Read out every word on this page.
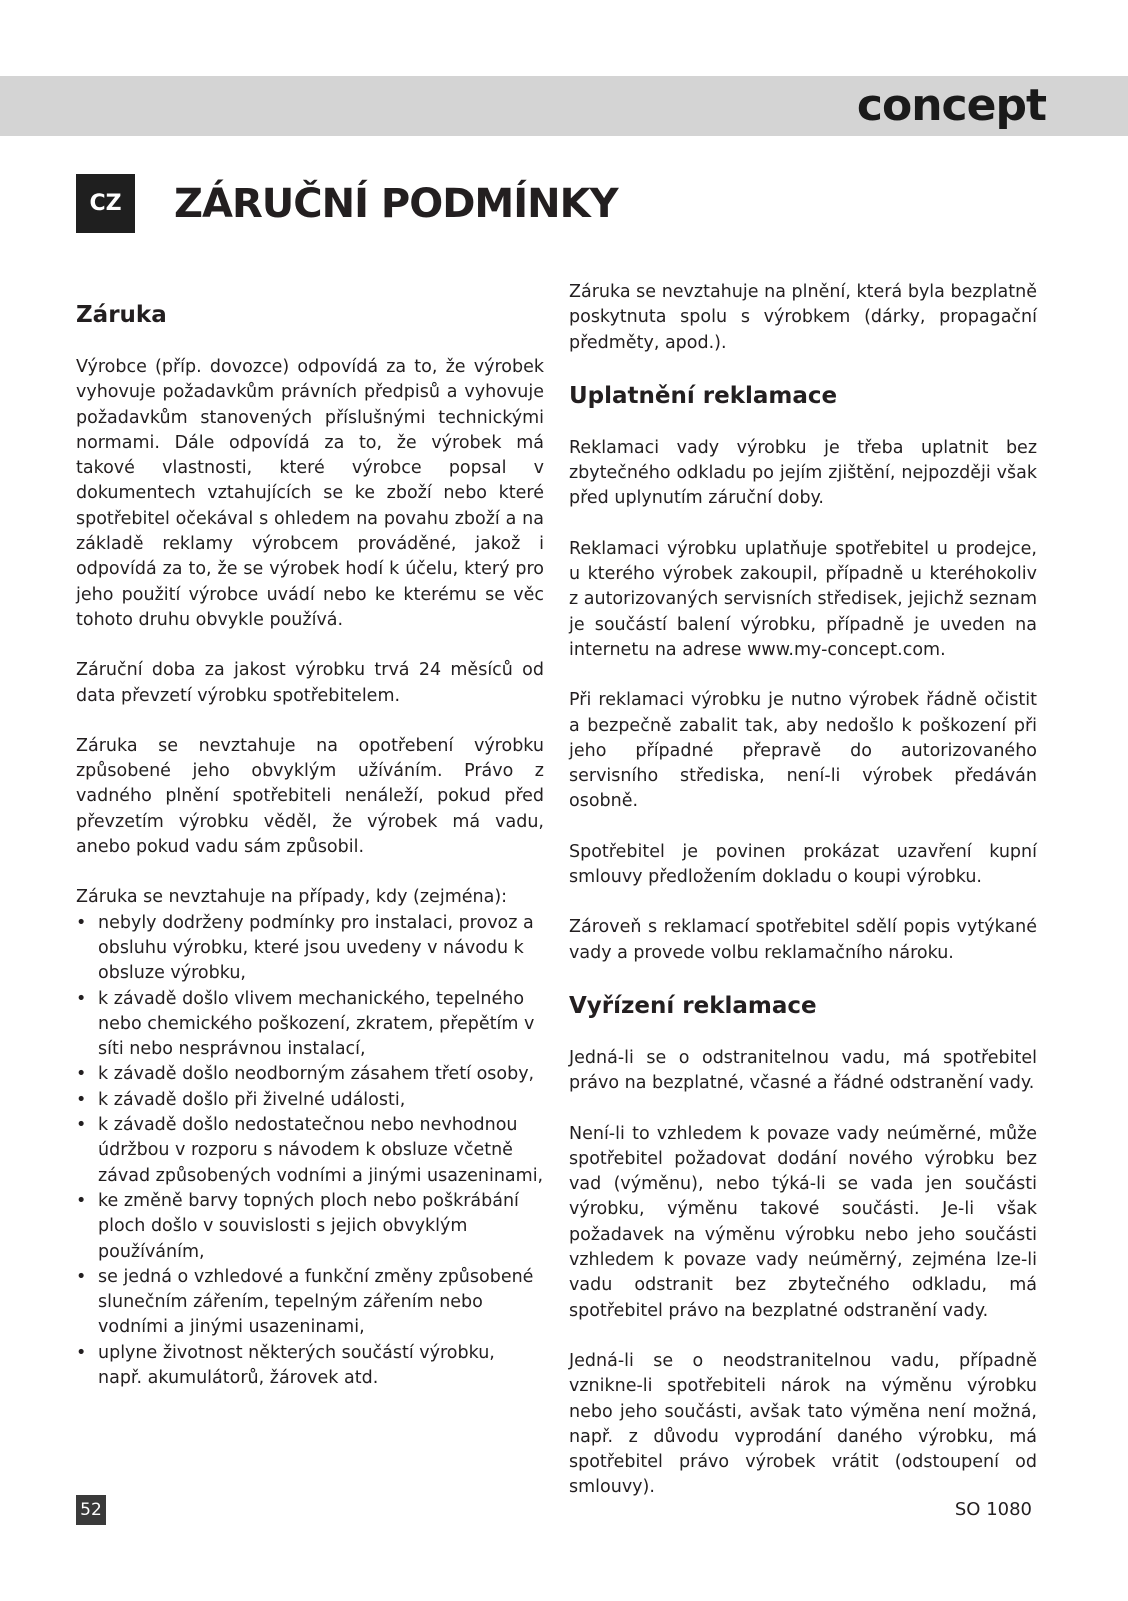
concept
CZ	ZÁRUČNÍ PODMÍNKY
Záruka

Výrobce (příp. dovozce) odpovídá za to, že výrobek vyhovuje požadavkům právních předpisů a vyhovuje požadavkům stanovených příslušnými technickými normami. Dále odpovídá za to, že výrobek má takové vlastnosti, které výrobce popsal v dokumentech vztahujících se ke zboží nebo které spotřebitel očekával s ohledem na povahu zboží a na základě reklamy výrobcem prováděné, jakož i odpovídá za to, že se výrobek hodí k účelu, který pro jeho použití výrobce uvádí nebo ke kterému se věc tohoto druhu obvykle používá.

Záruční doba za jakost výrobku trvá 24 měsíců od data převzetí výrobku spotřebitelem.

Záruka se nevztahuje na opotřebení výrobku způsobené jeho obvyklým užíváním. Právo z vadného plnění spotřebiteli nenáleží, pokud před převzetím výrobku věděl, že výrobek má vadu, anebo pokud vadu sám způsobil.

Záruka se nevztahuje na případy, kdy (zejména):

• nebyly dodrženy podmínky pro instalaci, provoz a obsluhu výrobku, které jsou uvedeny v návodu k obsluze výrobku,
• k závadě došlo vlivem mechanického, tepelného nebo chemického poškození, zkratem, přepětím v síti nebo nesprávnou instalací,
• k závadě došlo neodborným zásahem třetí osoby,
• k závadě došlo při živelné události,
• k závadě došlo nedostatečnou nebo nevhodnou údržbou v rozporu s návodem k obsluze včetně závad způsobených vodními a jinými usazeninami,
• ke změně barvy topných ploch nebo poškrábání ploch došlo v souvislosti s jejich obvyklým používáním,
• se jedná o vzhledové a funkční změny způsobené slunečním zářením, tepelným zářením nebo vodními a jinými usazeninami,
• uplyne životnost některých součástí výrobku, např. akumulátorů, žárovek atd.

Záruka se nevztahuje na plnění, která byla bezplatně poskytnuta spolu s výrobkem (dárky, propagační předměty, apod.).

Uplatnění reklamace

Reklamaci vady výrobku je třeba uplatnit bez zbytečného odkladu po jejím zjištění, nejpozději však před uplynutím záruční doby.

Reklamaci výrobku uplatňuje spotřebitel u prodejce, u kterého výrobek zakoupil, případně u kteréhokoliv z autorizovaných servisních středisek, jejichž seznam je součástí balení výrobku, případně je uveden na internetu na adrese www.my-concept.com.

Při reklamaci výrobku je nutno výrobek řádně očistit a bezpečně zabalit tak, aby nedošlo k poškození při jeho případné přepravě do autorizovaného servisního střediska, není-li výrobek předáván osobně.

Spotřebitel je povinen prokázat uzavření kupní smlouvy předložením dokladu o koupi výrobku.

Zároveň s reklamací spotřebitel sdělí popis vytýkané vady a provede volbu reklamačního nároku.

Vyřízení reklamace

Jedná-li se o odstranitelnou vadu, má spotřebitel právo na bezplatné, včasné a řádné odstranění vady.

Není-li to vzhledem k povaze vady neúměrné, může spotřebitel požadovat dodání nového výrobku bez vad (výměnu), nebo týká-li se vada jen součásti výrobku, výměnu takové součásti. Je-li však požadavek na výměnu výrobku nebo jeho součásti vzhledem k povaze vady neúměrný, zejména lze-li vadu odstranit bez zbytečného odkladu, má spotřebitel právo na bezplatné odstranění vady.

Jedná-li se o neodstranitelnou vadu, případně vznikne-li spotřebiteli nárok na výměnu výrobku nebo jeho součásti, avšak tato výměna není možná, např. z důvodu vyprodání daného výrobku, má spotřebitel právo výrobek vrátit (odstoupení od smlouvy).

52	SO 1080
